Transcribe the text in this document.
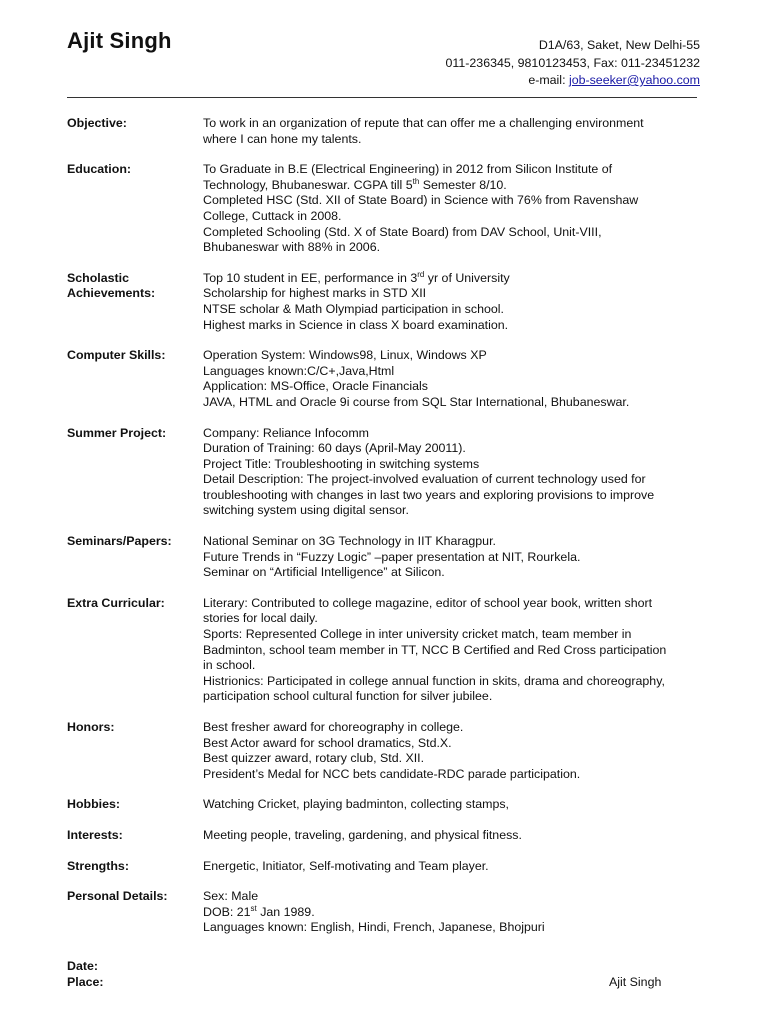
Ajit Singh	D1A/63, Saket, New Delhi-55
011-236345, 9810123453, Fax: 011-23451232
e-mail: job-seeker@yahoo.com
Objective:	To work in an organization of repute that can offer me a challenging environment
where I can hone my talents.
Education:	To Graduate in B.E (Electrical Engineering) in 2012 from Silicon Institute of
Technology, Bhubaneswar. CGPA till 5th Semester 8/10.
Completed HSC (Std. XII of State Board) in Science with 76% from Ravenshaw
College, Cuttack in 2008.
Completed Schooling (Std. X of State Board) from DAV School, Unit-VIII,
Bhubaneswar with 88% in 2006.
Scholastic
Achievements:
Top 10 student in EE, performance in 3rd yr of University
Scholarship for highest marks in STD XII
NTSE scholar & Math Olympiad participation in school.
Highest marks in Science in class X board examination.
Computer Skills:	Operation System: Windows98, Linux, Windows XP
Languages known:C/C+,Java,Html
Application: MS-Office, Oracle Financials
JAVA, HTML and Oracle 9i course from SQL Star International, Bhubaneswar.
Summer Project:	Company: Reliance Infocomm
Duration of Training: 60 days (April-May 20011).
Project Title: Troubleshooting in switching systems
Detail Description: The project-involved evaluation of current technology used for
troubleshooting with changes in last two years and exploring provisions to improve
switching system using digital sensor.
Seminars/Papers:	National Seminar on 3G Technology in IIT Kharagpur.
Future Trends in “Fuzzy Logic” –paper presentation at NIT, Rourkela.
Seminar on “Artificial Intelligence” at Silicon.
Extra Curricular:	Literary: Contributed to college magazine, editor of school year book, written short
stories for local daily.
Sports: Represented College in inter university cricket match, team member in
Badminton, school team member in TT, NCC B Certified and Red Cross participation
in school.
Histrionics: Participated in college annual function in skits, drama and choreography,
participation school cultural function for silver jubilee.
Honors:	Best fresher award for choreography in college.
Best Actor award for school dramatics, Std.X.
Best quizzer award, rotary club, Std. XII.
President’s Medal for NCC bets candidate-RDC parade participation.
Hobbies:	Watching Cricket, playing badminton, collecting stamps,
Interests:	Meeting people, traveling, gardening, and physical fitness.
Strengths:	Energetic, Initiator, Self-motivating and Team player.
Personal Details:	Sex: Male
DOB: 21st Jan 1989.
Languages known: English, Hindi, French, Japanese, Bhojpuri
Date:
Place:	Ajit Singh
